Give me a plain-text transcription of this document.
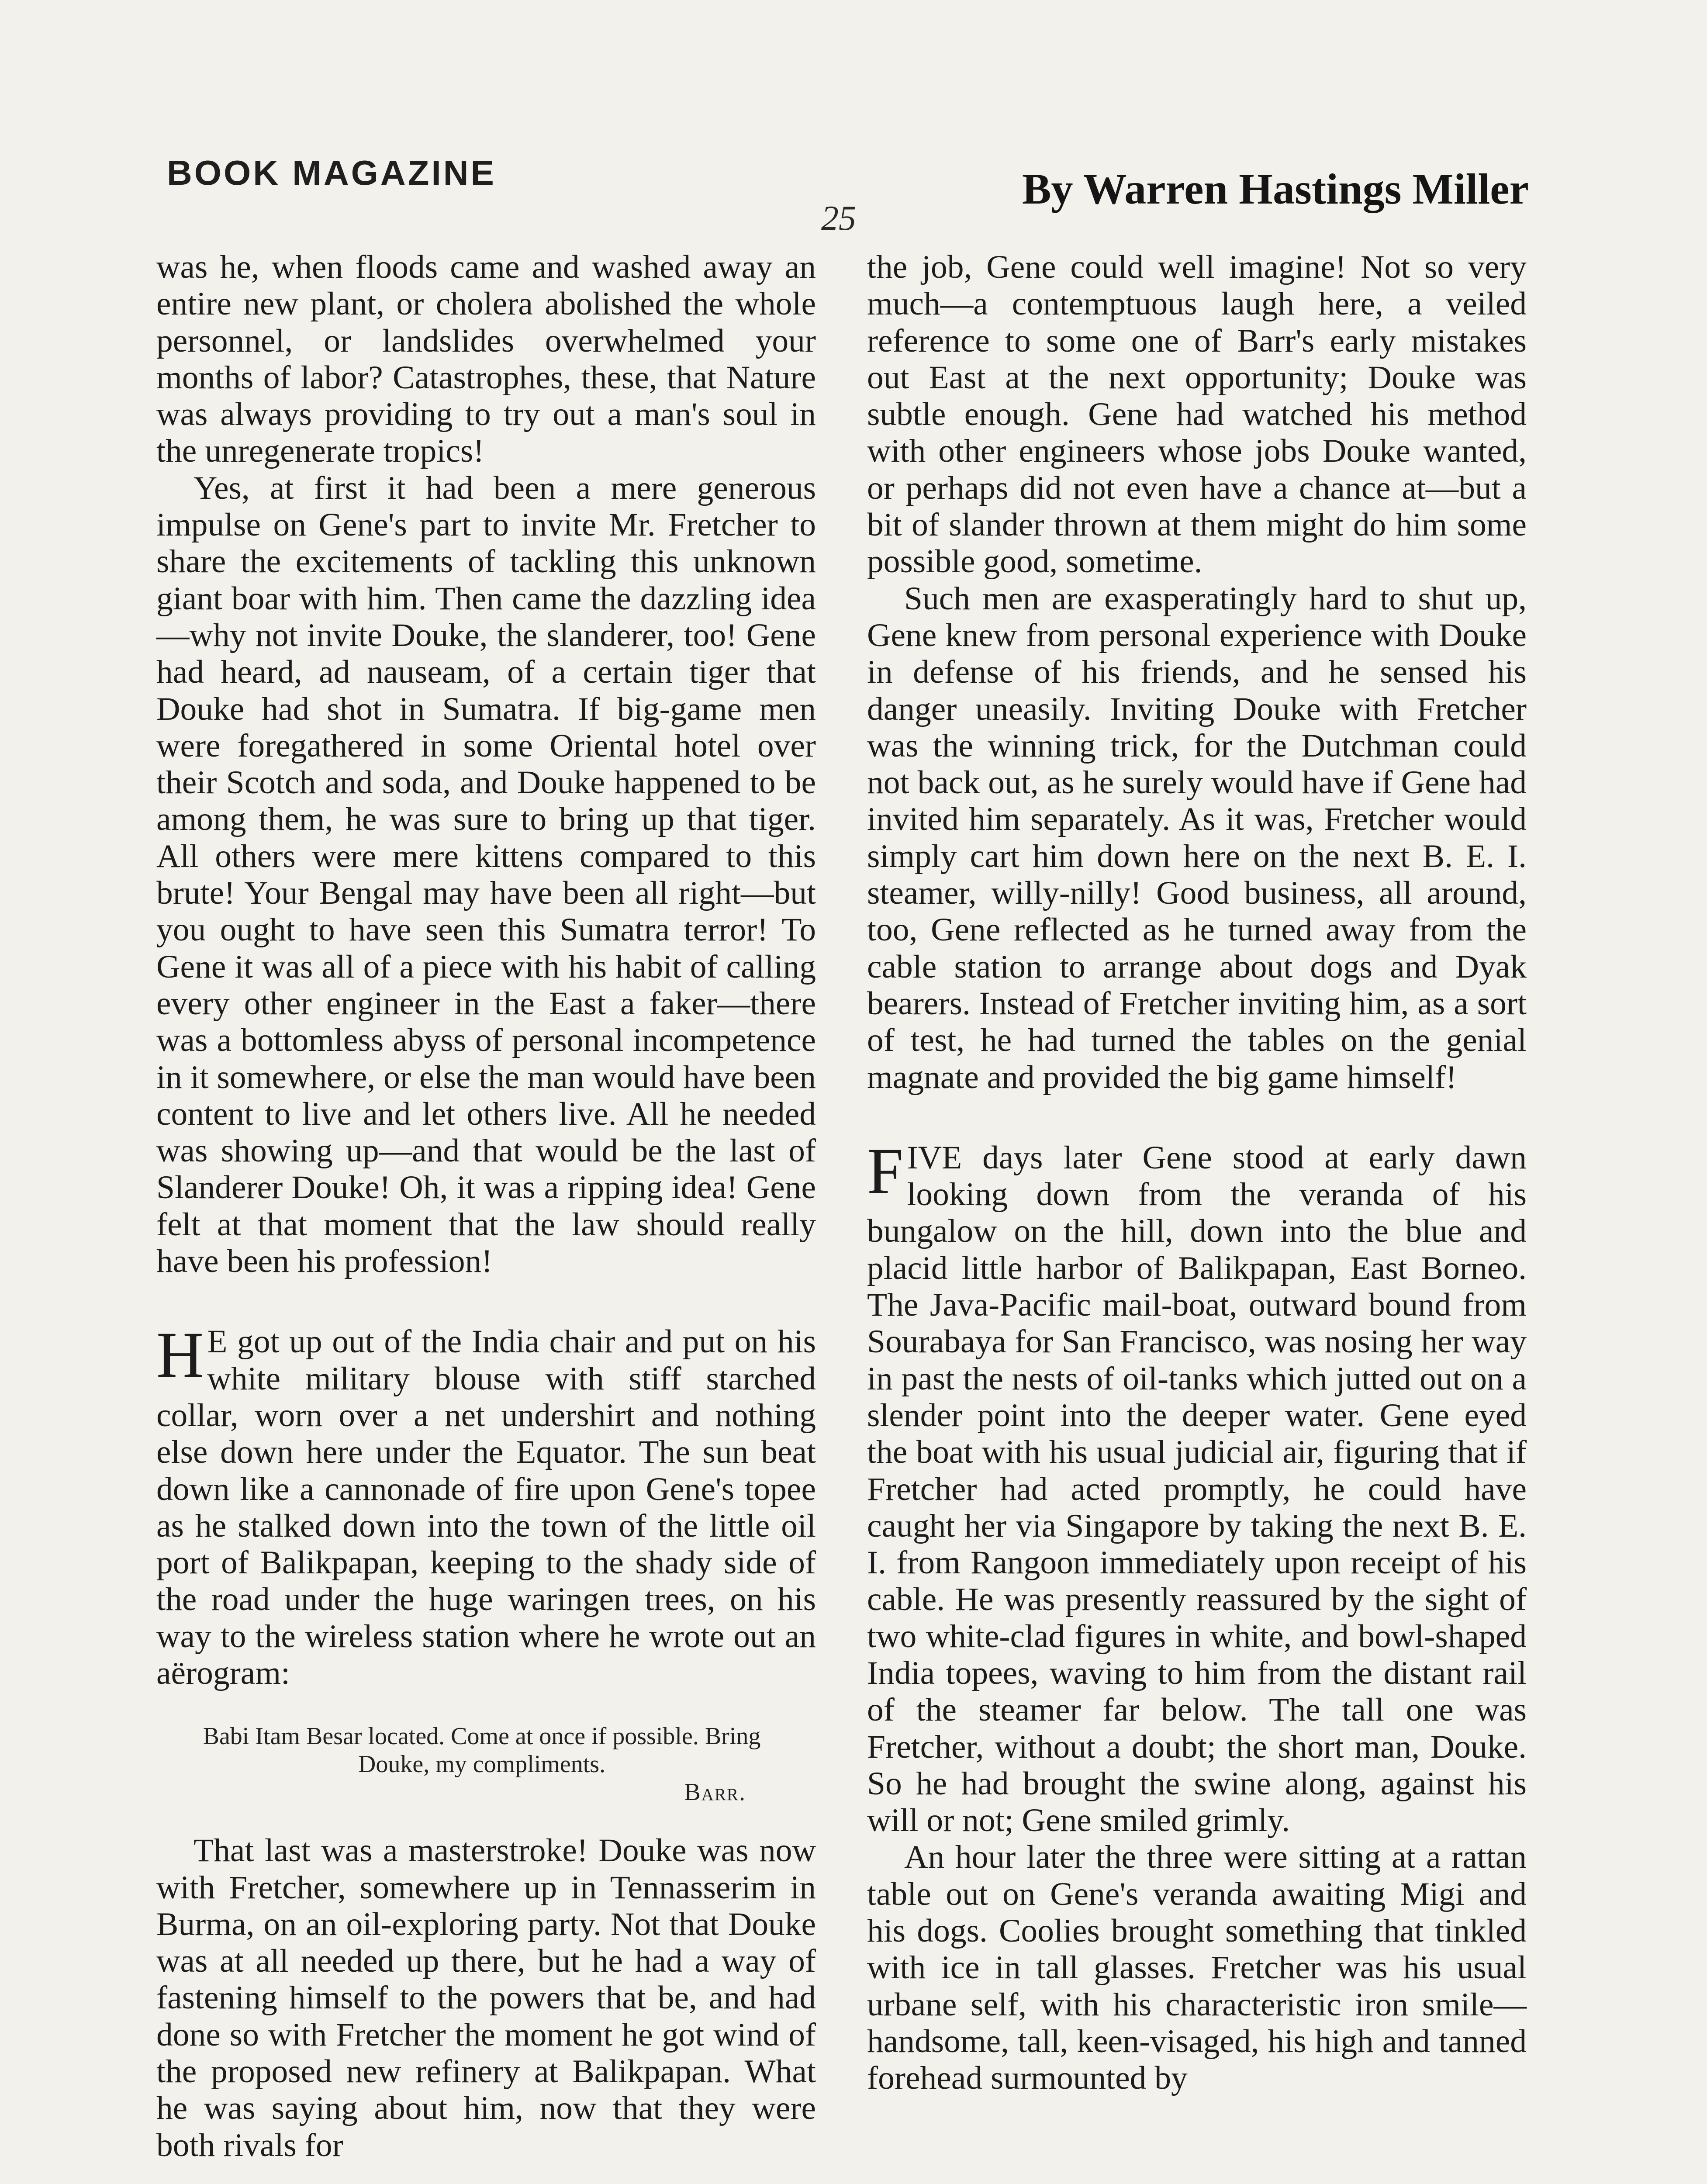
BOOK MAGAZINE	By Warren Hastings Miller
25

was he, when floods came and washed away an entire new plant, or cholera abolished the whole personnel, or landslides overwhelmed your months of labor? Catastrophes, these, that Nature was always providing to try out a man's soul in the unregenerate tropics!

Yes, at first it had been a mere generous impulse on Gene's part to invite Mr. Fretcher to share the excitements of tackling this unknown giant boar with him. Then came the dazzling idea—why not invite Douke, the slanderer, too! Gene had heard, ad nauseam, of a certain tiger that Douke had shot in Sumatra. If big-game men were foregathered in some Oriental hotel over their Scotch and soda, and Douke happened to be among them, he was sure to bring up that tiger. All others were mere kittens compared to this brute! Your Bengal may have been all right—but you ought to have seen this Sumatra terror! To Gene it was all of a piece with his habit of calling every other engineer in the East a faker—there was a bottomless abyss of personal incompetence in it somewhere, or else the man would have been content to live and let others live. All he needed was showing up—and that would be the last of Slanderer Douke! Oh, it was a ripping idea! Gene felt at that moment that the law should really have been his profession!

H E got up out of the India chair and put on his white military blouse with stiff starched collar, worn over a net undershirt and nothing else down here under the Equator. The sun beat down like a cannonade of fire upon Gene's topee as he stalked down into the town of the little oil port of Balikpapan, keeping to the shady side of the road under the huge waringen trees, on his way to the wireless station where he wrote out an aërogram:

Babi Itam Besar located. Come at once if possible. Bring Douke, my compliments.
Barr.

That last was a masterstroke! Douke was now with Fretcher, somewhere up in Tennasserim in Burma, on an oil-exploring party. Not that Douke was at all needed up there, but he had a way of fastening himself to the powers that be, and had done so with Fretcher the moment he got wind of the proposed new refinery at Balikpapan. What he was saying about him, now that they were both rivals for

the job, Gene could well imagine! Not so very much—a contemptuous laugh here, a veiled reference to some one of Barr's early mistakes out East at the next opportunity; Douke was subtle enough. Gene had watched his method with other engineers whose jobs Douke wanted, or perhaps did not even have a chance at—but a bit of slander thrown at them might do him some possible good, sometime.

Such men are exasperatingly hard to shut up, Gene knew from personal experience with Douke in defense of his friends, and he sensed his danger uneasily. Inviting Douke with Fretcher was the winning trick, for the Dutchman could not back out, as he surely would have if Gene had invited him separately. As it was, Fretcher would simply cart him down here on the next B. E. I. steamer, willy-nilly! Good business, all around, too, Gene reflected as he turned away from the cable station to arrange about dogs and Dyak bearers. Instead of Fretcher inviting him, as a sort of test, he had turned the tables on the genial magnate and provided the big game himself!

FIVE days later Gene stood at early dawn looking down from the veranda of his bungalow on the hill, down into the blue and placid little harbor of Balikpapan, East Borneo. The Java-Pacific mail-boat, outward bound from Sourabaya for San Francisco, was nosing her way in past the nests of oil-tanks which jutted out on a slender point into the deeper water. Gene eyed the boat with his usual judicial air, figuring that if Fretcher had acted promptly, he could have caught her via Singapore by taking the next B. E. I. from Rangoon immediately upon receipt of his cable. He was presently reassured by the sight of two white-clad figures in white, and bowl-shaped India topees, waving to him from the distant rail of the steamer far below. The tall one was Fretcher, without a doubt; the short man, Douke. So he had brought the swine along, against his will or not; Gene smiled grimly.

An hour later the three were sitting at a rattan table out on Gene's veranda awaiting Migi and his dogs. Coolies brought something that tinkled with ice in tall glasses. Fretcher was his usual urbane self, with his characteristic iron smile—handsome, tall, keen-visaged, his high and tanned forehead surmounted by
